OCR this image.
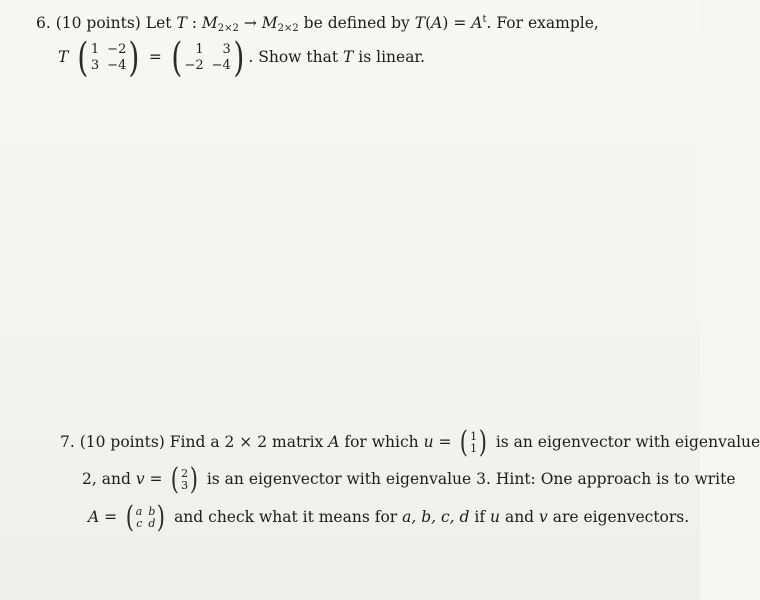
6. (10 points) Let T : $M_{2\times 2} \to M_{2\times 2}$ be defined by $T(A) = A^t$. For example,
T ( 1 −2
3 −4 ) = (	1	3
−2 −4 ) . Show that T is linear.
7. (10 points) Find a 2 × 2 matrix A for which u = ( 1
1 ) is an eigenvector with eigenvalue
2, and v = ( 2
3 ) is an eigenvector with eigenvalue 3. Hint: One approach is to write
A = ( a b
c d ) and check what it means for a, b, c, d if u and v are eigenvectors.
